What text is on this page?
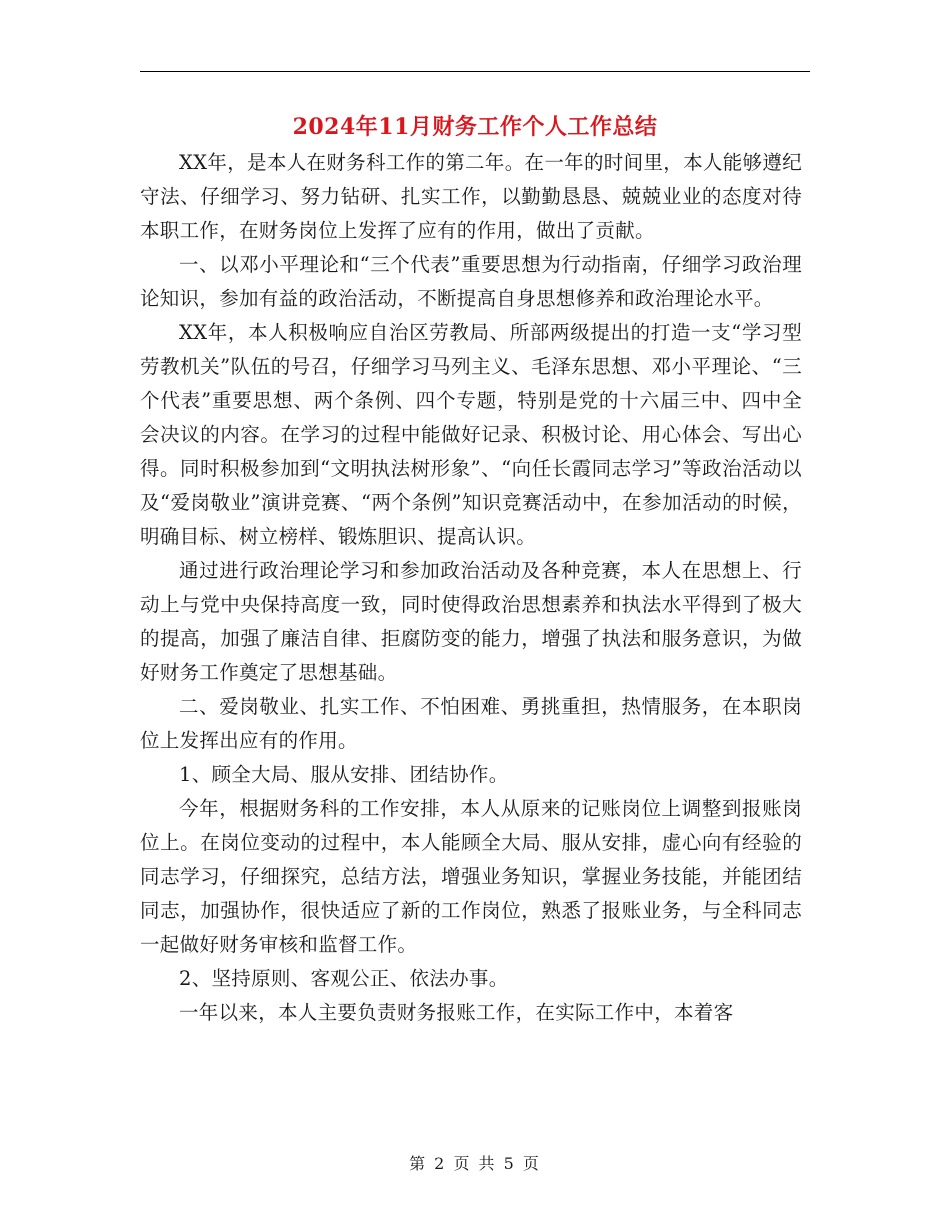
2024年11月财务工作个人工作总结

XX年，是本人在财务科工作的第二年。在一年的时间里，本人能够遵纪守法、仔细学习、努力钻研、扎实工作，以勤勤恳恳、兢兢业业的态度对待本职工作，在财务岗位上发挥了应有的作用，做出了贡献。

一、以邓小平理论和“三个代表”重要思想为行动指南，仔细学习政治理论知识，参加有益的政治活动，不断提高自身思想修养和政治理论水平。

XX年，本人积极响应自治区劳教局、所部两级提出的打造一支“学习型劳教机关”队伍的号召，仔细学习马列主义、毛泽东思想、邓小平理论、“三个代表”重要思想、两个条例、四个专题，特别是党的十六届三中、四中全会决议的内容。在学习的过程中能做好记录、积极讨论、用心体会、写出心得。同时积极参加到“文明执法树形象”、“向任长霞同志学习”等政治活动以及“爱岗敬业”演讲竞赛、“两个条例”知识竞赛活动中，在参加活动的时候，明确目标、树立榜样、锻炼胆识、提高认识。

通过进行政治理论学习和参加政治活动及各种竞赛，本人在思想上、行动上与党中央保持高度一致，同时使得政治思想素养和执法水平得到了极大的提高，加强了廉洁自律、拒腐防变的能力，增强了执法和服务意识，为做好财务工作奠定了思想基础。

二、爱岗敬业、扎实工作、不怕困难、勇挑重担，热情服务，在本职岗位上发挥出应有的作用。

1、顾全大局、服从安排、团结协作。

今年，根据财务科的工作安排，本人从原来的记账岗位上调整到报账岗位上。在岗位变动的过程中，本人能顾全大局、服从安排，虚心向有经验的同志学习，仔细探究，总结方法，增强业务知识，掌握业务技能，并能团结同志，加强协作，很快适应了新的工作岗位，熟悉了报账业务，与全科同志一起做好财务审核和监督工作。

2、坚持原则、客观公正、依法办事。

一年以来，本人主要负责财务报账工作，在实际工作中，本着客

第 2 页 共 5 页
